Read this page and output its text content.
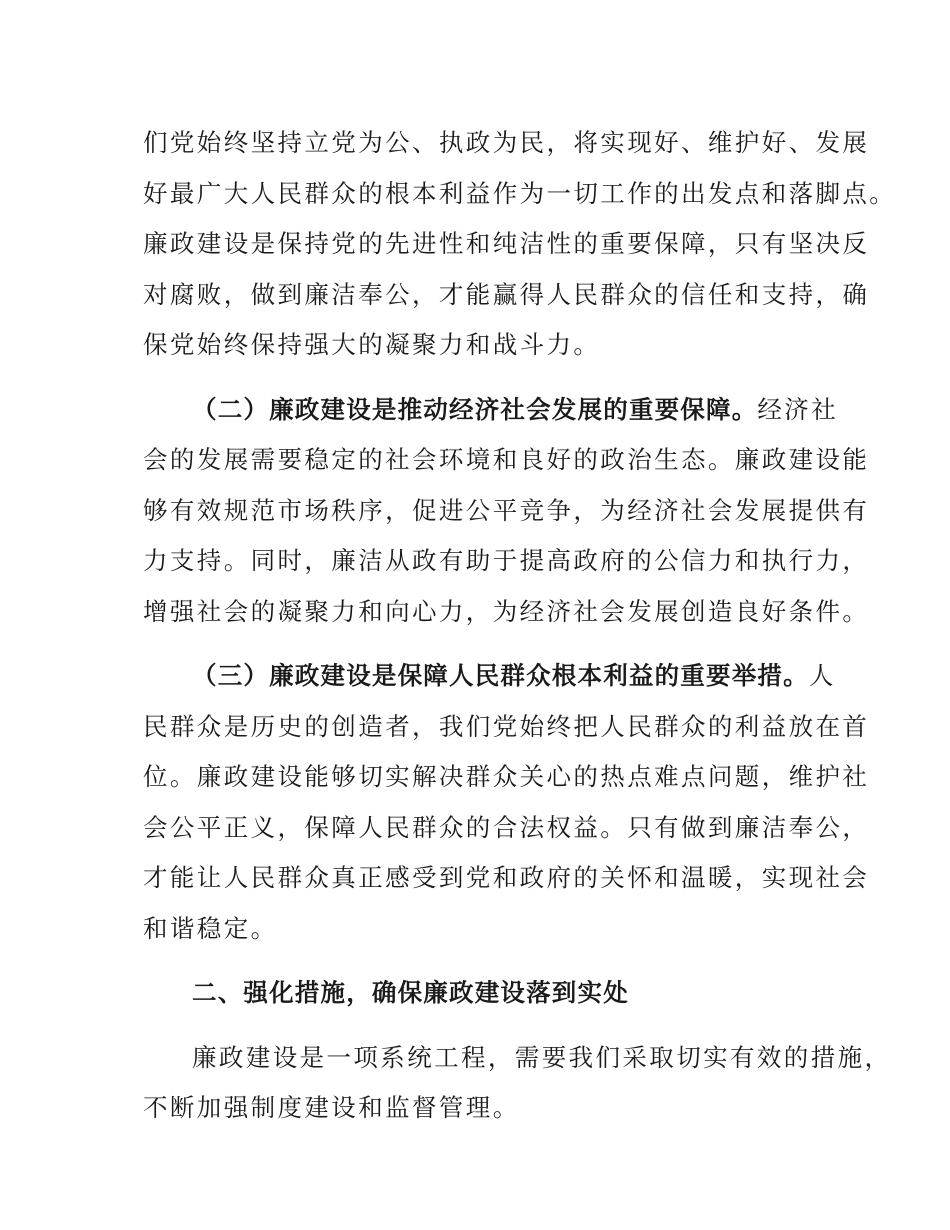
们党始终坚持立党为公、执政为民，将实现好、维护好、发展
好最广大人民群众的根本利益作为一切工作的出发点和落脚点。
廉政建设是保持党的先进性和纯洁性的重要保障，只有坚决反
对腐败，做到廉洁奉公，才能赢得人民群众的信任和支持，确
保党始终保持强大的凝聚力和战斗力。

（二）廉政建设是推动经济社会发展的重要保障。经济社
会的发展需要稳定的社会环境和良好的政治生态。廉政建设能
够有效规范市场秩序，促进公平竞争，为经济社会发展提供有
力支持。同时，廉洁从政有助于提高政府的公信力和执行力，
增强社会的凝聚力和向心力，为经济社会发展创造良好条件。

（三）廉政建设是保障人民群众根本利益的重要举措。人
民群众是历史的创造者，我们党始终把人民群众的利益放在首
位。廉政建设能够切实解决群众关心的热点难点问题，维护社
会公平正义，保障人民群众的合法权益。只有做到廉洁奉公，
才能让人民群众真正感受到党和政府的关怀和温暖，实现社会
和谐稳定。

二、强化措施，确保廉政建设落到实处

廉政建设是一项系统工程，需要我们采取切实有效的措施，
不断加强制度建设和监督管理。
